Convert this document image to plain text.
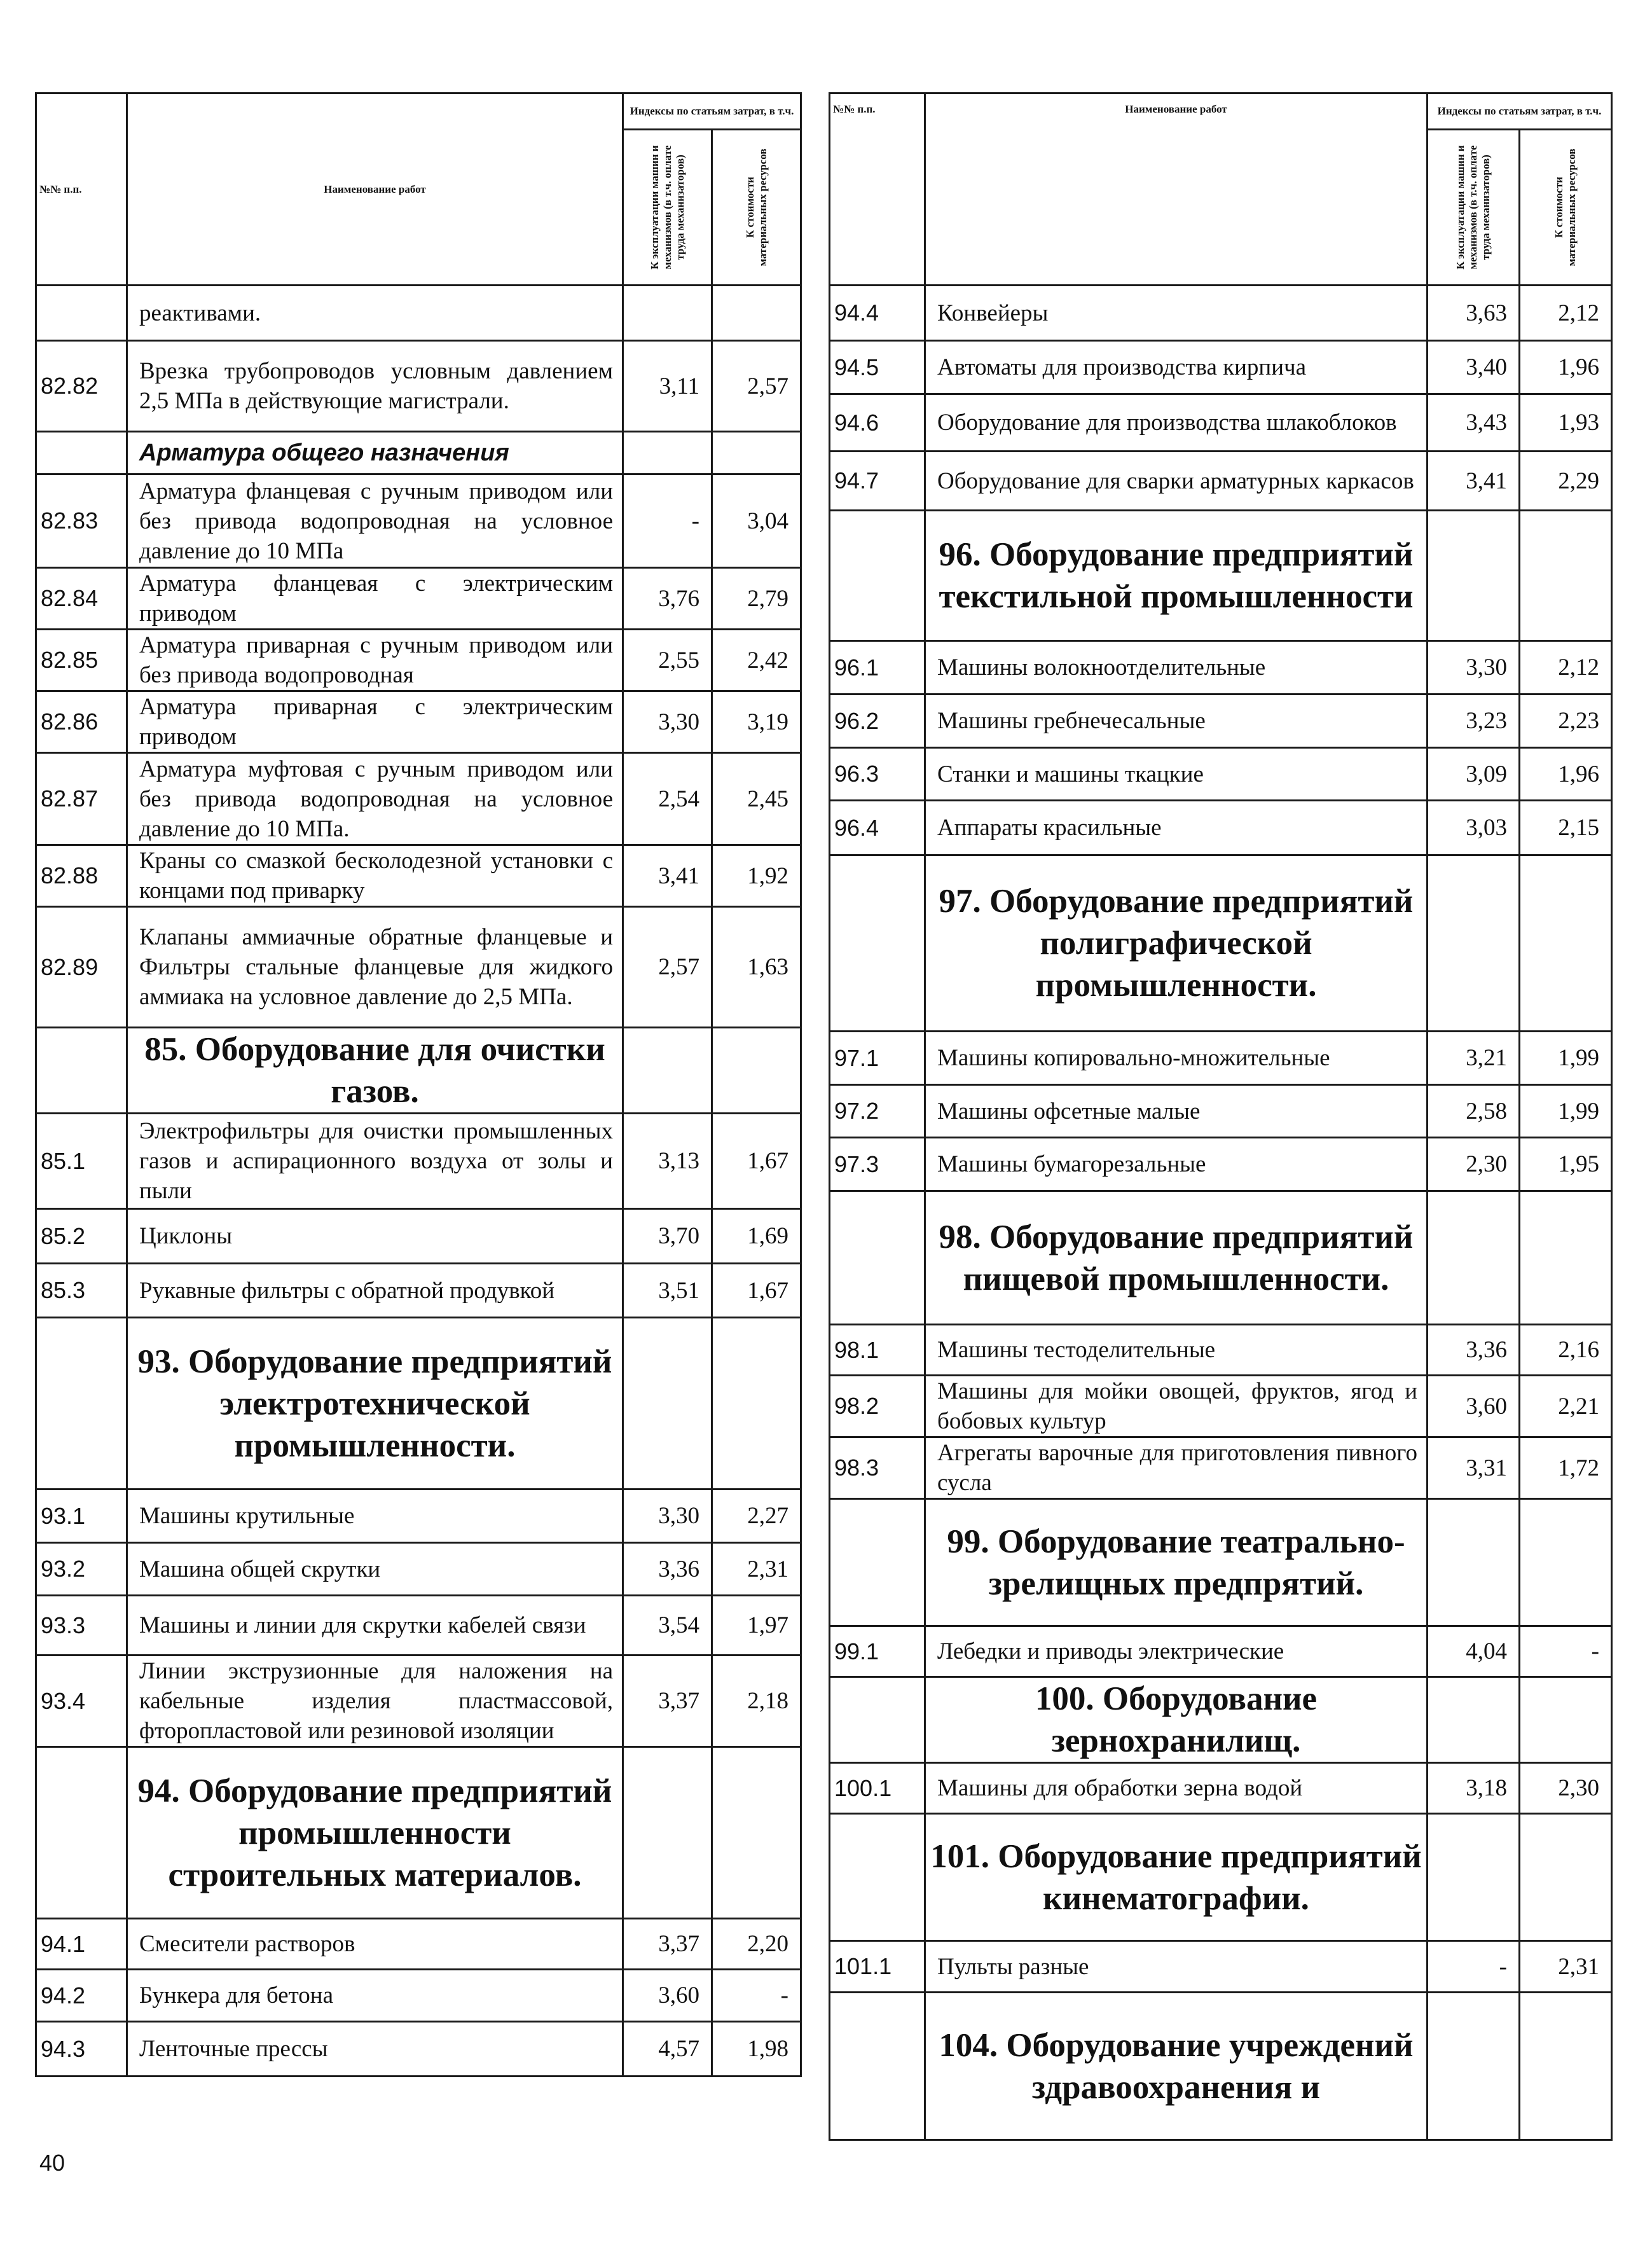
№№ п.п.	Наименование работ	Индексы по статьям затрат, в т.ч.	

		К эксплуатации машин и механизмов (в т.ч. оплате труда механизаторов)	К стоимости материальных ресурсов

	реактивами.		
82.82	Врезка трубопроводов условным давлением 2,5 МПа в действующие магистрали.	3,11	2,57
	Арматура общего назначения		
82.83	Арматура фланцевая с ручным приводом или без привода водопроводная на условное давление до 10 МПа	-	3,04
82.84	Арматура фланцевая с электрическим приводом	3,76	2,79
82.85	Арматура приварная с ручным приводом или без привода водопроводная	2,55	2,42
82.86	Арматура приварная с электрическим приводом	3,30	3,19
82.87	Арматура муфтовая с ручным приводом или без привода водопроводная на условное давление до 10 МПа.	2,54	2,45
82.88	Краны со смазкой бесколодезной установки с концами под приварку	3,41	1,92
82.89	Клапаны аммиачные обратные фланцевые и Фильтры стальные фланцевые для жидкого аммиака на условное давление до 2,5 МПа.	2,57	1,63
	85. Оборудование для очистки газов.		
85.1	Электрофильтры для очистки промышленных газов и аспирационного воздуха от золы и пыли	3,13	1,67
85.2	Циклоны	3,70	1,69
85.3	Рукавные фильтры с обратной продувкой	3,51	1,67
	93. Оборудование предприятий электротехнической промышленности.		
93.1	Машины крутильные	3,30	2,27
93.2	Машина общей скрутки	3,36	2,31
93.3	Машины и линии для скрутки кабелей связи	3,54	1,97
93.4	Линии экструзионные для наложения на кабельные изделия пластмассовой, фторопластовой или резиновой изоляции	3,37	2,18
	94. Оборудование предприятий промышленности строительных материалов.		
94.1	Смесители растворов	3,37	2,20
94.2	Бункера для бетона	3,60	-
94.3	Ленточные прессы	4,57	1,98
№№ п.п.	Наименование работ	Индексы по статьям затрат, в т.ч.	

		К эксплуатации машин и механизмов (в т.ч. оплате труда механизаторов)	К стоимости материальных ресурсов

94.4	Конвейеры	3,63	2,12
94.5	Автоматы для производства кирпича	3,40	1,96
94.6	Оборудование для производства шлакоблоков	3,43	1,93
94.7	Оборудование для сварки арматурных каркасов	3,41	2,29
	96. Оборудование предприятий текстильной промышленности		
96.1	Машины волокноотделительные	3,30	2,12
96.2	Машины гребнечесальные	3,23	2,23
96.3	Станки и машины ткацкие	3,09	1,96
96.4	Аппараты красильные	3,03	2,15
	97. Оборудование предприятий полиграфической промышленности.		
97.1	Машины копировально-множительные	3,21	1,99
97.2	Машины офсетные малые	2,58	1,99
97.3	Машины бумагорезальные	2,30	1,95
	98. Оборудование предприятий пищевой промышленности.		
98.1	Машины тестоделительные	3,36	2,16
98.2	Машины для мойки овощей, фруктов, ягод и бобовых культур	3,60	2,21
98.3	Агрегаты варочные для приготовления пивного сусла	3,31	1,72
	99. Оборудование театрально-зрелищных предпрятий.		
99.1	Лебедки и приводы электрические	4,04	-
	100. Оборудование зернохранилищ.		
100.1	Машины для обработки зерна водой	3,18	2,30
	101. Оборудование предприятий кинематографии.		
101.1	Пульты разные	-	2,31
	104. Оборудование учреждений здравоохранения и		
40
